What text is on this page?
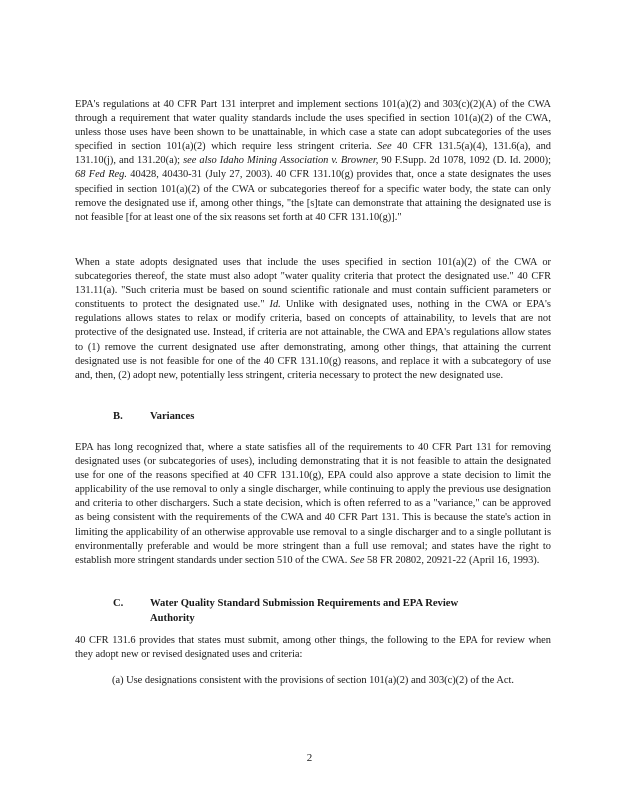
EPA's regulations at 40 CFR Part 131 interpret and implement sections 101(a)(2) and 303(c)(2)(A) of the CWA through a requirement that water quality standards include the uses specified in section 101(a)(2) of the CWA, unless those uses have been shown to be unattainable, in which case a state can adopt subcategories of the uses specified in section 101(a)(2) which require less stringent criteria. See 40 CFR 131.5(a)(4), 131.6(a), and 131.10(j), and 131.20(a); see also Idaho Mining Association v. Browner, 90 F.Supp. 2d 1078, 1092 (D. Id. 2000); 68 Fed Reg. 40428, 40430-31 (July 27, 2003). 40 CFR 131.10(g) provides that, once a state designates the uses specified in section 101(a)(2) of the CWA or subcategories thereof for a specific water body, the state can only remove the designated use if, among other things, "the [s]tate can demonstrate that attaining the designated use is not feasible [for at least one of the six reasons set forth at 40 CFR 131.10(g)]."

When a state adopts designated uses that include the uses specified in section 101(a)(2) of the CWA or subcategories thereof, the state must also adopt "water quality criteria that protect the designated use." 40 CFR 131.11(a). "Such criteria must be based on sound scientific rationale and must contain sufficient parameters or constituents to protect the designated use." Id. Unlike with designated uses, nothing in the CWA or EPA's regulations allows states to relax or modify criteria, based on concepts of attainability, to levels that are not protective of the designated use. Instead, if criteria are not attainable, the CWA and EPA's regulations allow states to (1) remove the current designated use after demonstrating, among other things, that attaining the current designated use is not feasible for one of the 40 CFR 131.10(g) reasons, and replace it with a subcategory of use and, then, (2) adopt new, potentially less stringent, criteria necessary to protect the new designated use.

B.	Variances

EPA has long recognized that, where a state satisfies all of the requirements to 40 CFR Part 131 for removing designated uses (or subcategories of uses), including demonstrating that it is not feasible to attain the designated use for one of the reasons specified at 40 CFR 131.10(g), EPA could also approve a state decision to limit the applicability of the use removal to only a single discharger, while continuing to apply the previous use designation and criteria to other dischargers. Such a state decision, which is often referred to as a "variance," can be approved as being consistent with the requirements of the CWA and 40 CFR Part 131. This is because the state's action in limiting the applicability of an otherwise approvable use removal to a single discharger and to a single pollutant is environmentally preferable and would be more stringent than a full use removal; and states have the right to establish more stringent standards under section 510 of the CWA. See 58 FR 20802, 20921-22 (April 16, 1993).

C.	Water Quality Standard Submission Requirements and EPA Review
Authority

40 CFR 131.6 provides that states must submit, among other things, the following to the EPA for review when they adopt new or revised designated uses and criteria:

(a) Use designations consistent with the provisions of section 101(a)(2) and 303(c)(2) of the Act.

2
